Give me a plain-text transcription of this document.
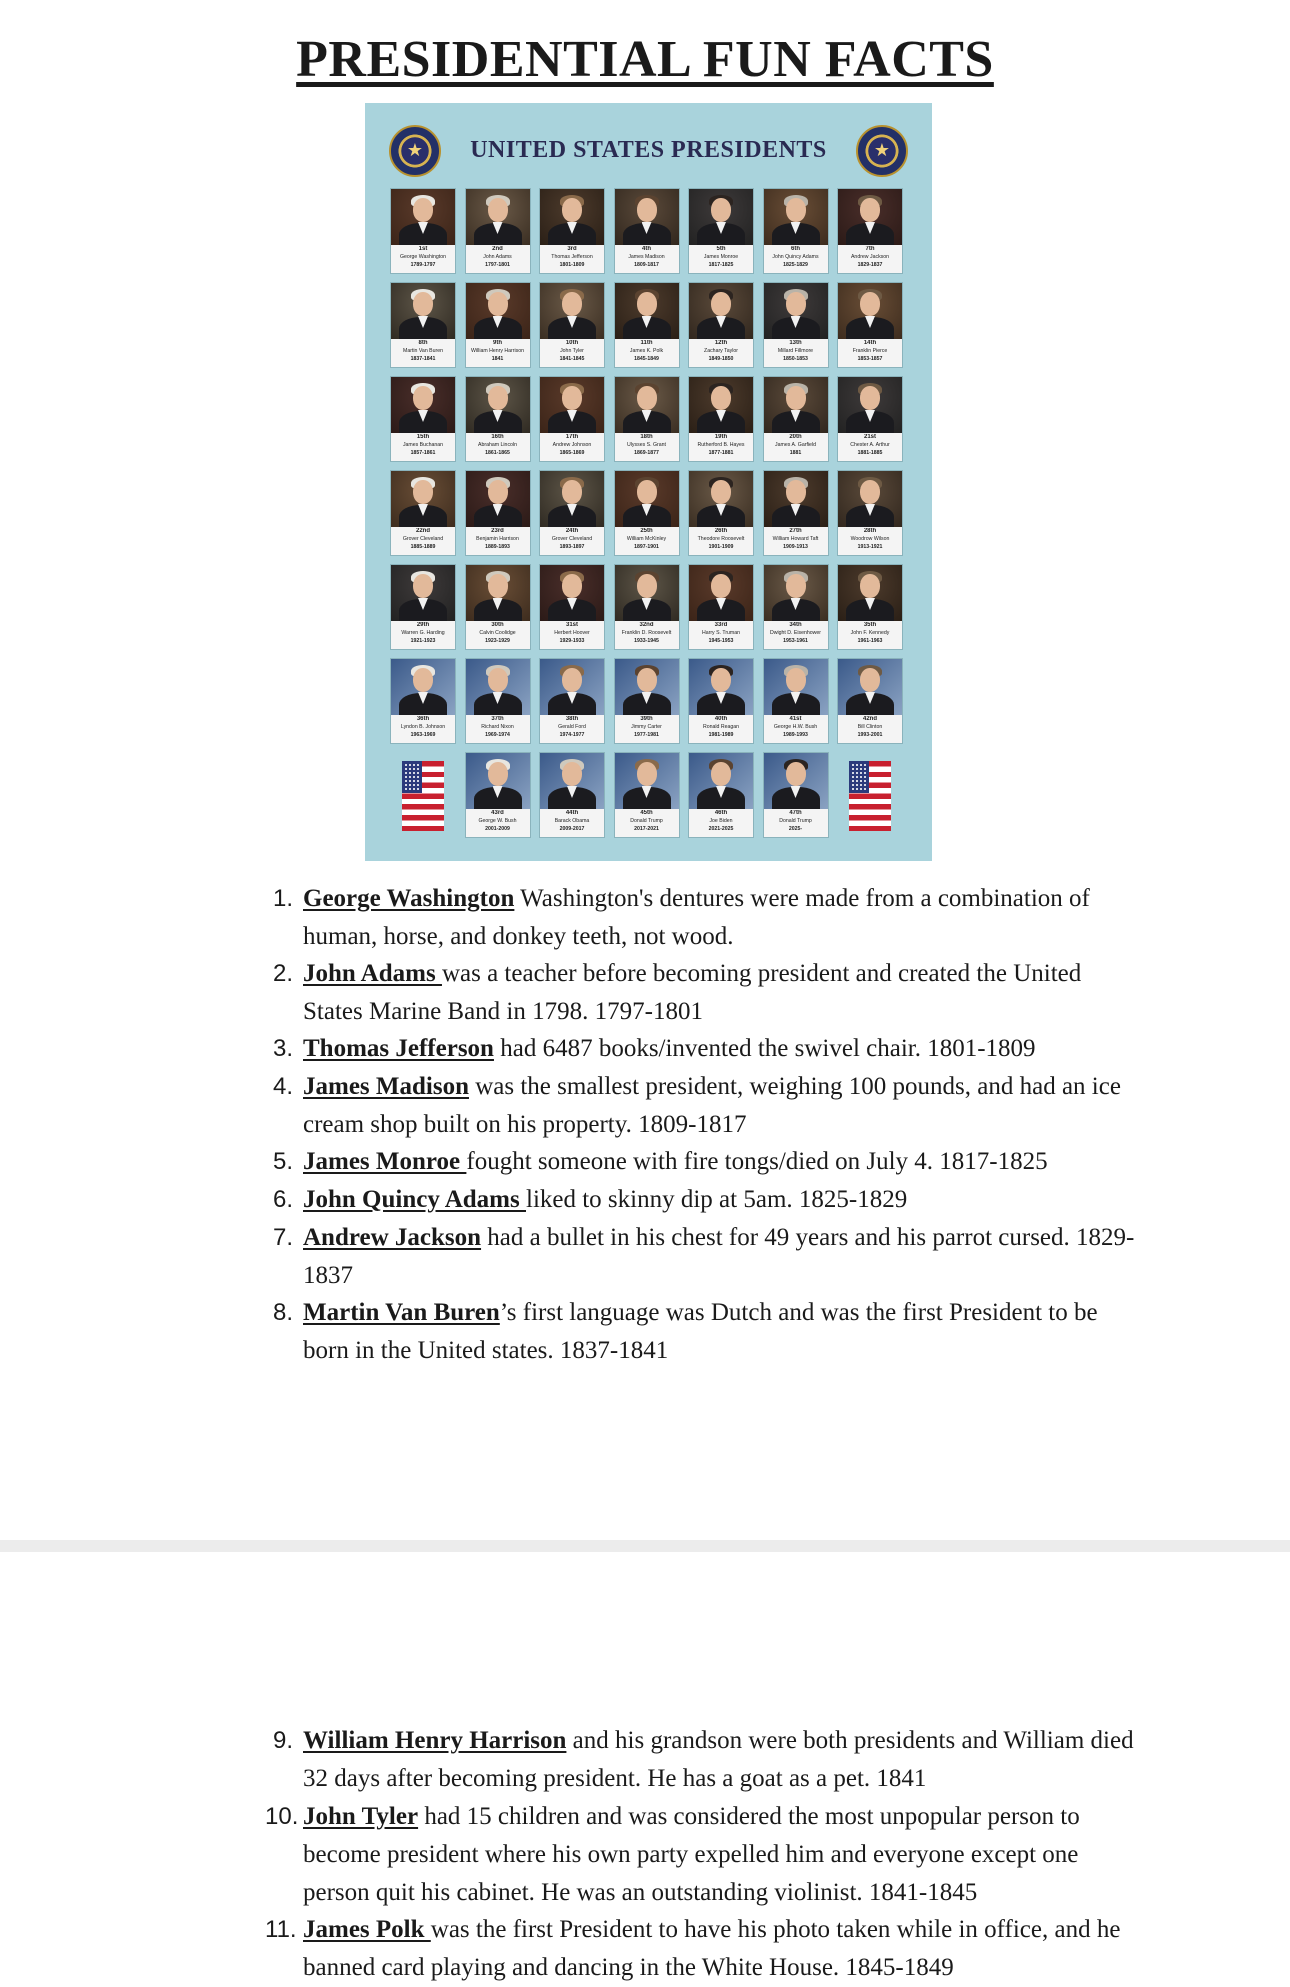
PRESIDENTIAL FUN FACTS
★
UNITED STATES PRESIDENTS
★
1st
George Washington
1789-1797
2nd
John Adams
1797-1801
3rd
Thomas Jefferson
1801-1809
4th
James Madison
1809-1817
5th
James Monroe
1817-1825
6th
John Quincy Adams
1825-1829
7th
Andrew Jackson
1829-1837
8th
Martin Van Buren
1837-1841
9th
William Henry Harrison
1841
10th
John Tyler
1841-1845
11th
James K. Polk
1845-1849
12th
Zachary Taylor
1849-1850
13th
Millard Fillmore
1850-1853
14th
Franklin Pierce
1853-1857
15th
James Buchanan
1857-1861
16th
Abraham Lincoln
1861-1865
17th
Andrew Johnson
1865-1869
18th
Ulysses S. Grant
1869-1877
19th
Rutherford B. Hayes
1877-1881
20th
James A. Garfield
1881
21st
Chester A. Arthur
1881-1885
22nd
Grover Cleveland
1885-1889
23rd
Benjamin Harrison
1889-1893
24th
Grover Cleveland
1893-1897
25th
William McKinley
1897-1901
26th
Theodore Roosevelt
1901-1909
27th
William Howard Taft
1909-1913
28th
Woodrow Wilson
1913-1921
29th
Warren G. Harding
1921-1923
30th
Calvin Coolidge
1923-1929
31st
Herbert Hoover
1929-1933
32nd
Franklin D. Roosevelt
1933-1945
33rd
Harry S. Truman
1945-1953
34th
Dwight D. Eisenhower
1953-1961
35th
John F. Kennedy
1961-1963
36th
Lyndon B. Johnson
1963-1969
37th
Richard Nixon
1969-1974
38th
Gerald Ford
1974-1977
39th
Jimmy Carter
1977-1981
40th
Ronald Reagan
1981-1989
41st
George H.W. Bush
1989-1993
42nd
Bill Clinton
1993-2001
43rd
George W. Bush
2001-2009
44th
Barack Obama
2009-2017
45th
Donald Trump
2017-2021
46th
Joe Biden
2021-2025
47th
Donald Trump
2025-
1. George Washington Washington's dentures were made from a combination of human, horse, and donkey teeth, not wood.
2. John Adams was a teacher before becoming president and created the United States Marine Band in 1798. 1797-1801
3. Thomas Jefferson had 6487 books/invented the swivel chair. 1801-1809
4. James Madison was the smallest president, weighing 100 pounds, and had an ice cream shop built on his property. 1809-1817
5. James Monroe fought someone with fire tongs/died on July 4. 1817-1825
6. John Quincy Adams liked to skinny dip at 5am. 1825-1829
7. Andrew Jackson had a bullet in his chest for 49 years and his parrot cursed. 1829-1837
8. Martin Van Buren’s first language was Dutch and was the first President to be born in the United states. 1837-1841
9. William Henry Harrison and his grandson were both presidents and William died 32 days after becoming president. He has a goat as a pet. 1841
10. John Tyler had 15 children and was considered the most unpopular person to become president where his own party expelled him and everyone except one person quit his cabinet. He was an outstanding violinist. 1841-1845
11. James Polk was the first President to have his photo taken while in office, and he banned card playing and dancing in the White House. 1845-1849
